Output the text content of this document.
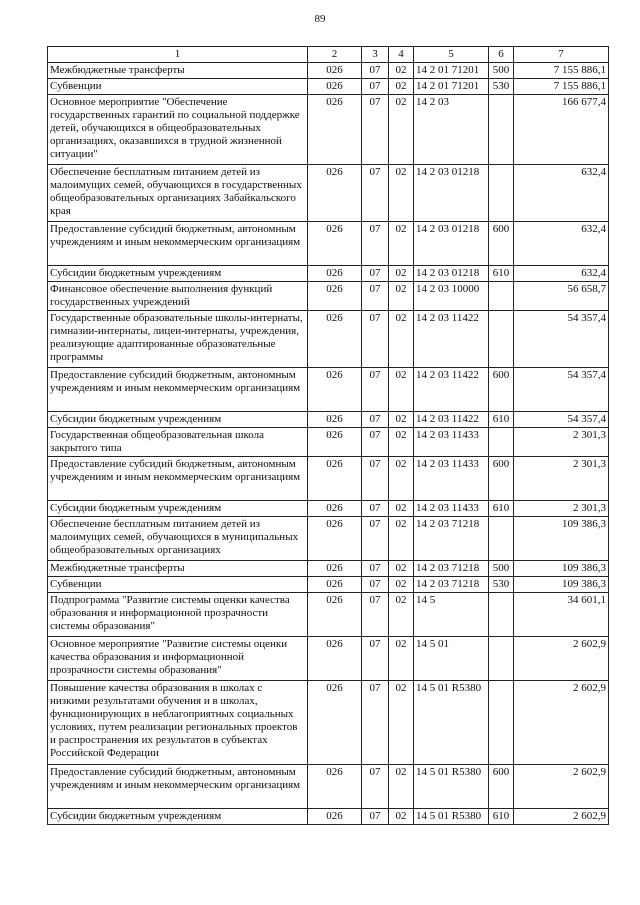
89
1	2	3	4	5	6	7
Межбюджетные трансферты	026	07	02	14 2 01 71201	500	7 155 886,1
Субвенции	026	07	02	14 2 01 71201	530	7 155 886,1
Основное мероприятие "Обеспечение государственных гарантий по социальной поддержке детей, обучающихся в общеобразовательных организациях, оказавшихся в трудной жизненной ситуации"	026	07	02	14 2 03		166 677,4
Обеспечение бесплатным питанием детей из малоимущих семей, обучающихся в государственных общеобразовательных организациях Забайкальского края	026	07	02	14 2 03 01218		632,4
Предоставление субсидий бюджетным, автономным учреждениям и иным некоммерческим организациям	026	07	02	14 2 03 01218	600	632,4
Субсидии бюджетным учреждениям	026	07	02	14 2 03 01218	610	632,4
Финансовое обеспечение выполнения функций государственных учреждений	026	07	02	14 2 03 10000		56 658,7
Государственные образовательные школы-интернаты, гимназии-интернаты, лицеи-интернаты, учреждения, реализующие адаптированные образовательные программы	026	07	02	14 2 03 11422		54 357,4
Предоставление субсидий бюджетным, автономным учреждениям и иным некоммерческим организациям	026	07	02	14 2 03 11422	600	54 357,4
Субсидии бюджетным учреждениям	026	07	02	14 2 03 11422	610	54 357,4
Государственная общеобразовательная школа закрытого типа	026	07	02	14 2 03 11433		2 301,3
Предоставление субсидий бюджетным, автономным учреждениям и иным некоммерческим организациям	026	07	02	14 2 03 11433	600	2 301,3
Субсидии бюджетным учреждениям	026	07	02	14 2 03 11433	610	2 301,3
Обеспечение бесплатным питанием детей из малоимущих семей, обучающихся в муниципальных общеобразовательных организациях	026	07	02	14 2 03 71218		109 386,3
Межбюджетные трансферты	026	07	02	14 2 03 71218	500	109 386,3
Субвенции	026	07	02	14 2 03 71218	530	109 386,3
Подпрограмма "Развитие системы оценки качества образования и информационной прозрачности системы образования"	026	07	02	14 5		34 601,1
Основное мероприятие "Развитие системы оценки качества образования и информационной прозрачности системы образования"	026	07	02	14 5 01		2 602,9
Повышение качества образования в школах с низкими результатами обучения и в школах, функционирующих в неблагоприятных социальных условиях, путем реализации региональных проектов и распространения их результатов в субъектах Российской Федерации	026	07	02	14 5 01 R5380		2 602,9
Предоставление субсидий бюджетным, автономным учреждениям и иным некоммерческим организациям	026	07	02	14 5 01 R5380	600	2 602,9
Субсидии бюджетным учреждениям	026	07	02	14 5 01 R5380	610	2 602,9
